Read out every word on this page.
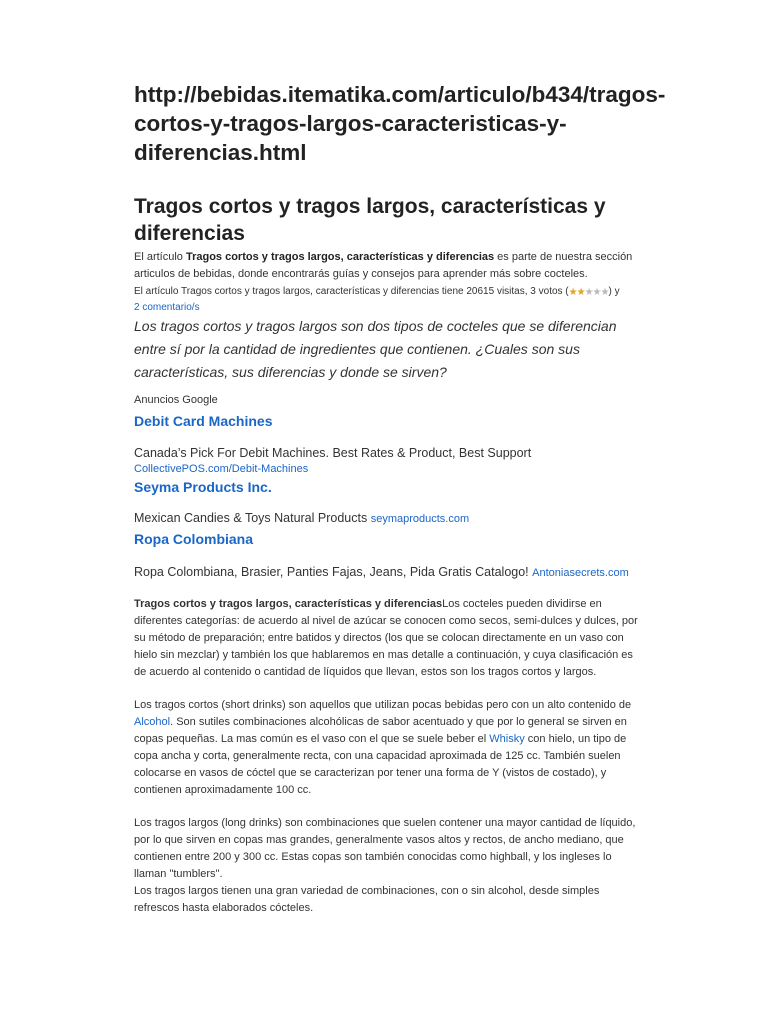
http://bebidas.itematika.com/articulo/b434/tragos-cortos-y-tragos-largos-caracteristicas-y-diferencias.html

Tragos cortos y tragos largos, características y diferencias

El artículo Tragos cortos y tragos largos, características y diferencias es parte de nuestra sección articulos de bebidas, donde encontrarás guías y consejos para aprender más sobre cocteles.

El artículo Tragos cortos y tragos largos, características y diferencias tiene 20615 visitas, 3 votos (★★★★★) y
2 comentario/s

Los tragos cortos y tragos largos son dos tipos de cocteles que se diferencian entre sí por la cantidad de ingredientes que contienen. ¿Cuales son sus características, sus diferencias y donde se sirven?

Anuncios Google

Debit Card Machines

Canada’s Pick For Debit Machines. Best Rates & Product, Best Support

CollectivePOS.com/Debit-Machines

Seyma Products Inc.

Mexican Candies & Toys Natural Products seymaproducts.com

Ropa Colombiana

Ropa Colombiana, Brasier, Panties Fajas, Jeans, Pida Gratis Catalogo! Antoniasecrets.com

Tragos cortos y tragos largos, características y diferenciasLos cocteles pueden dividirse en diferentes categorías: de acuerdo al nivel de azúcar se conocen como secos, semi-dulces y dulces, por su método de preparación; entre batidos y directos (los que se colocan directamente en un vaso con hielo sin mezclar) y también los que hablaremos en mas detalle a continuación, y cuya clasificación es de acuerdo al contenido o cantidad de líquidos que llevan, estos son los tragos cortos y largos.

Los tragos cortos (short drinks) son aquellos que utilizan pocas bebidas pero con un alto contenido de Alcohol. Son sutiles combinaciones alcohólicas de sabor acentuado y que por lo general se sirven en copas pequeñas. La mas común es el vaso con el que se suele beber el Whisky con hielo, un tipo de copa ancha y corta, generalmente recta, con una capacidad aproximada de 125 cc. También suelen colocarse en vasos de cóctel que se caracterizan por tener una forma de Y (vistos de costado), y contienen aproximadamente 100 cc.

Los tragos largos (long drinks) son combinaciones que suelen contener una mayor cantidad de líquido, por lo que sirven en copas mas grandes, generalmente vasos altos y rectos, de ancho mediano, que contienen entre 200 y 300 cc. Estas copas son también conocidas como highball, y los ingleses lo llaman "tumblers".

Los tragos largos tienen una gran variedad de combinaciones, con o sin alcohol, desde simples refrescos hasta elaborados cócteles.
